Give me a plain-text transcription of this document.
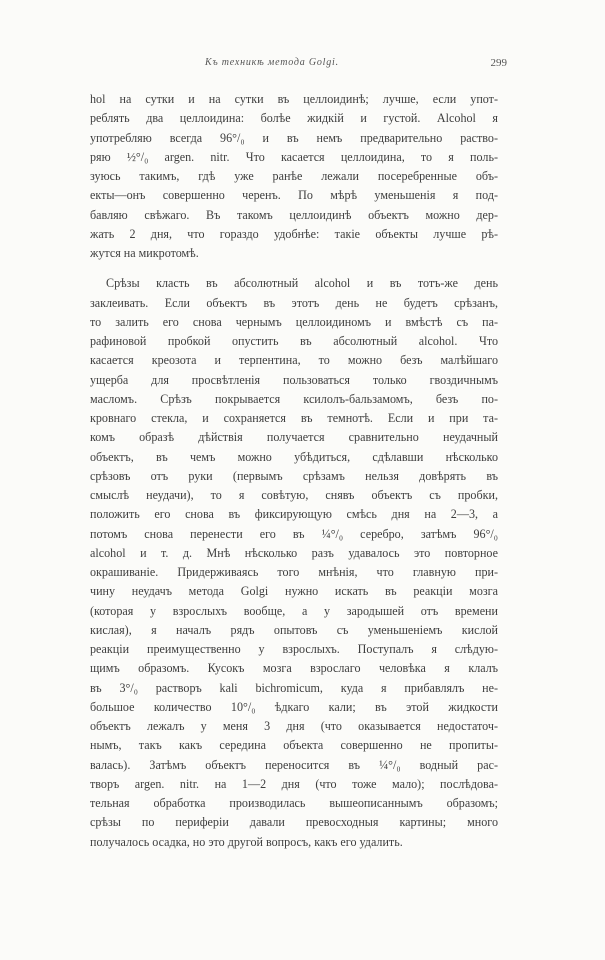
Къ техникѣ метода Golgi.	299
hol на сутки и на сутки въ целлоидинѣ; лучше, если упот-
реблять два целлоидина: болѣе жидкій и густой. Alcohol я
употребляю всегда 96°/₀ и въ немъ предварительно раство-
ряю ½°/₀ argen. nitr. Что касается целлоидина, то я поль-
зуюсь такимъ, гдѣ уже ранѣе лежали посеребренные объ-
екты—онъ совершенно черенъ. По мѣрѣ уменьшенія я под-
бавляю свѣжаго. Въ такомъ целлоидинѣ объектъ можно дер-
жать 2 дня, что гораздо удобнѣе: такіе объекты лучше рѣ-
жутся на микротомѣ.
Срѣзы класть въ абсолютный alcohol и въ тотъ-же день
заклеивать. Если объектъ въ этотъ день не будетъ срѣзанъ,
то залить его снова чернымъ целлоидиномъ и вмѣстѣ съ па-
рафиновой пробкой опустить въ абсолютный alcohol. Что
касается креозота и терпентина, то можно безъ малѣйшаго
ущерба для просвѣтленія пользоваться только гвоздичнымъ
масломъ. Срѣзъ покрывается ксилолъ-бальзамомъ, безъ по-
кровнаго стекла, и сохраняется въ темнотѣ. Если и при та-
комъ образѣ дѣйствія получается сравнительно неудачный
объектъ, въ чемъ можно убѣдиться, сдѣлавши нѣсколько
срѣзовъ отъ руки (первымъ срѣзамъ нельзя довѣрять въ
смыслѣ неудачи), то я совѣтую, снявъ объектъ съ пробки,
положить его снова въ фиксирующую смѣсь дня на 2—3, а
потомъ снова перенести его въ ¼°/₀ серебро, затѣмъ 96°/₀
alcohol и т. д. Мнѣ нѣсколько разъ удавалось это повторное
окрашиваніе. Придерживаясь того мнѣнія, что главную при-
чину неудачъ метода Golgi нужно искать въ реакціи мозга
(которая у взрослыхъ вообще, а у зародышей отъ времени
кислая), я началъ рядъ опытовъ съ уменьшеніемъ кислой
реакціи преимущественно у взрослыхъ. Поступалъ я слѣдую-
щимъ образомъ. Кусокъ мозга взрослаго человѣка я клалъ
въ 3°/₀ растворъ kali bichromicum, куда я прибавлялъ не-
большое количество 10°/₀ ѣдкаго кали; въ этой жидкости
объектъ лежалъ у меня 3 дня (что оказывается недостаточ-
нымъ, такъ какъ середина объекта совершенно не пропиты-
валась). Затѣмъ объектъ переносится въ ¼°/₀ водный рас-
творъ argen. nitr. на 1—2 дня (что тоже мало); послѣдова-
тельная обработка производилась вышеописаннымъ образомъ;
срѣзы по периферіи давали превосходныя картины; много
получалось осадка, но это другой вопросъ, какъ его удалить.
